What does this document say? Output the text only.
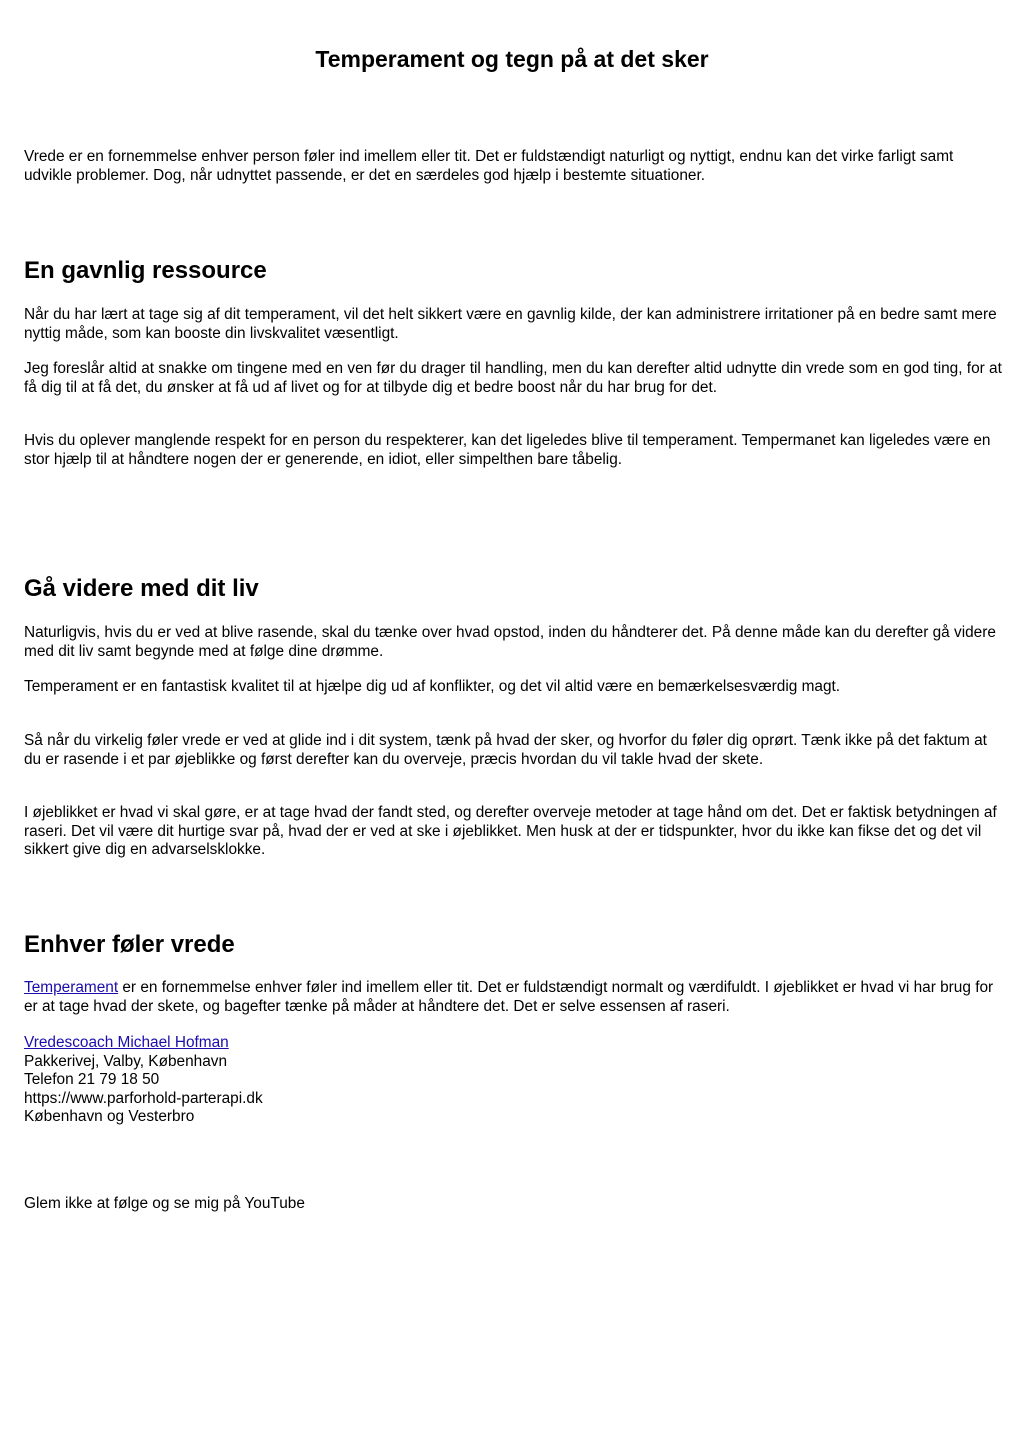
Temperament og tegn på at det sker

Vrede er en fornemmelse enhver person føler ind imellem eller tit. Det er fuldstændigt naturligt og nyttigt, endnu kan det virke farligt samt udvikle problemer. Dog, når udnyttet passende, er det en særdeles god hjælp i bestemte situationer.

En gavnlig ressource

Når du har lært at tage sig af dit temperament, vil det helt sikkert være en gavnlig kilde, der kan administrere irritationer på en bedre samt mere nyttig måde, som kan booste din livskvalitet væsentligt.

Jeg foreslår altid at snakke om tingene med en ven før du drager til handling, men du kan derefter altid udnytte din vrede som en god ting, for at få dig til at få det, du ønsker at få ud af livet og for at tilbyde dig et bedre boost når du har brug for det.

Hvis du oplever manglende respekt for en person du respekterer, kan det ligeledes blive til temperament. Tempermanet kan ligeledes være en stor hjælp til at håndtere nogen der er generende, en idiot, eller simpelthen bare tåbelig.

Gå videre med dit liv

Naturligvis, hvis du er ved at blive rasende, skal du tænke over hvad opstod, inden du håndterer det. På denne måde kan du derefter gå videre med dit liv samt begynde med at følge dine drømme.

Temperament er en fantastisk kvalitet til at hjælpe dig ud af konflikter, og det vil altid være en bemærkelsesværdig magt.

Så når du virkelig føler vrede er ved at glide ind i dit system, tænk på hvad der sker, og hvorfor du føler dig oprørt. Tænk ikke på det faktum at du er rasende i et par øjeblikke og først derefter kan du overveje, præcis hvordan du vil takle hvad der skete.

I øjeblikket er hvad vi skal gøre, er at tage hvad der fandt sted, og derefter overveje metoder at tage hånd om det. Det er faktisk betydningen af raseri. Det vil være dit hurtige svar på, hvad der er ved at ske i øjeblikket. Men husk at der er tidspunkter, hvor du ikke kan fikse det og det vil sikkert give dig en advarselsklokke.

Enhver føler vrede

Temperament er en fornemmelse enhver føler ind imellem eller tit. Det er fuldstændigt normalt og værdifuldt. I øjeblikket er hvad vi har brug for er at tage hvad der skete, og bagefter tænke på måder at håndtere det. Det er selve essensen af raseri.

Vredescoach Michael Hofman
Pakkerivej, Valby, København
Telefon 21 79 18 50
https://www.parforhold-parterapi.dk
København og Vesterbro

Glem ikke at følge og se mig på YouTube
